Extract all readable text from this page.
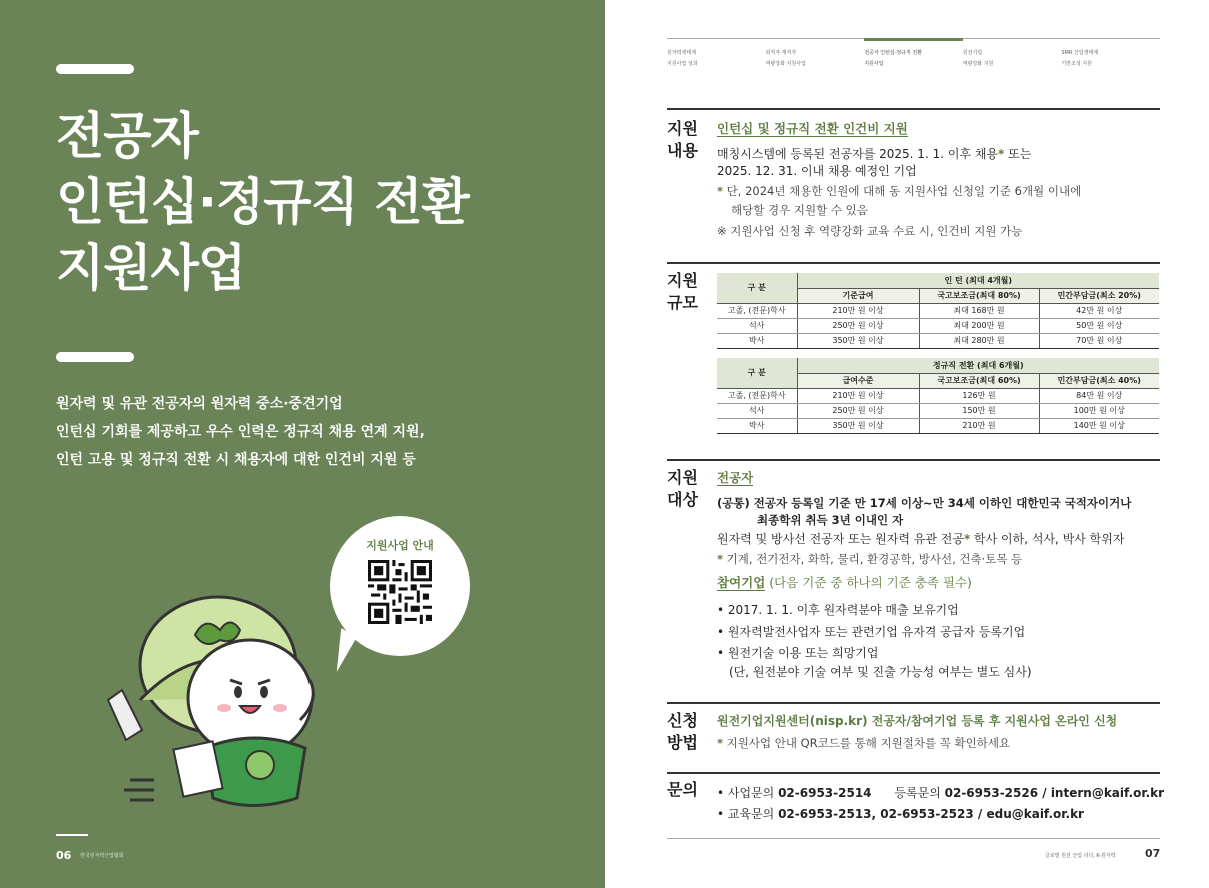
전공자
인턴십·정규직 전환
지원사업
원자력 및 유관 전공자의 원자력 중소·중견기업
인턴십 기회를 제공하고 우수 인력은 정규직 채용 연계 지원,
인턴 고용 및 정규직 전환 시 채용자에 대한 인건비 지원 등
지원사업 안내
06 한국원자력산업협회
원자력생태계
지원사업 성과
퇴직자·재직자
역량강화 지원사업
전공자 인턴십·정규직 전환
지원사업
원전기업
역량강화 지원
SMR 산업생태계
기반조성 지원
지원
내용
인턴십 및 정규직 전환 인건비 지원
매칭시스템에 등록된 전공자를 2025. 1. 1. 이후 채용* 또는
2025. 12. 31. 이내 채용 예정인 기업
* 단, 2024년 채용한 인원에 대해 동 지원사업 신청일 기준 6개월 이내에
해당할 경우 지원할 수 있음
※ 지원사업 신청 후 역량강화 교육 수료 시, 인건비 지원 가능
지원
규모
구 분	인 턴 (최대 4개월)		
	기준급여	국고보조금(최대 80%)	민간부담금(최소 20%)
고졸, (전문)학사	210만 원 이상	최대 168만 원	42만 원 이상
석사	250만 원 이상	최대 200만 원	50만 원 이상
박사	350만 원 이상	최대 280만 원	70만 원 이상
구 분	정규직 전환 (최대 6개월)		
	급여수준	국고보조금(최대 60%)	민간부담금(최소 40%)
고졸, (전문)학사	210만 원 이상	126만 원	84만 원 이상
석사	250만 원 이상	150만 원	100만 원 이상
박사	350만 원 이상	210만 원	140만 원 이상
지원
대상
전공자
(공통) 전공자 등록일 기준 만 17세 이상~만 34세 이하인 대한민국 국적자이거나
최종학위 취득 3년 이내인 자
원자력 및 방사선 전공자 또는 원자력 유관 전공* 학사 이하, 석사, 박사 학위자
* 기계, 전기전자, 화학, 물리, 환경공학, 방사선, 건축·토목 등
참여기업 (다음 기준 중 하나의 기준 충족 필수)
• 2017. 1. 1. 이후 원자력분야 매출 보유기업
• 원자력발전사업자 또는 관련기업 유자격 공급자 등록기업
• 원전기술 이용 또는 희망기업
(단, 원전분야 기술 여부 및 진출 가능성 여부는 별도 심사)
신청
방법
원전기업지원센터(nisp.kr) 전공자/참여기업 등록 후 지원사업 온라인 신청
* 지원사업 안내 QR코드를 통해 지원절차를 꼭 확인하세요
문의	• 사업문의 02-6953-2514      등록문의 02-6953-2526 / intern@kaif.or.kr
• 교육문의 02-6953-2513, 02-6953-2523 / edu@kaif.or.kr
글로벌 원전 산업 리더, K-원자력	07
